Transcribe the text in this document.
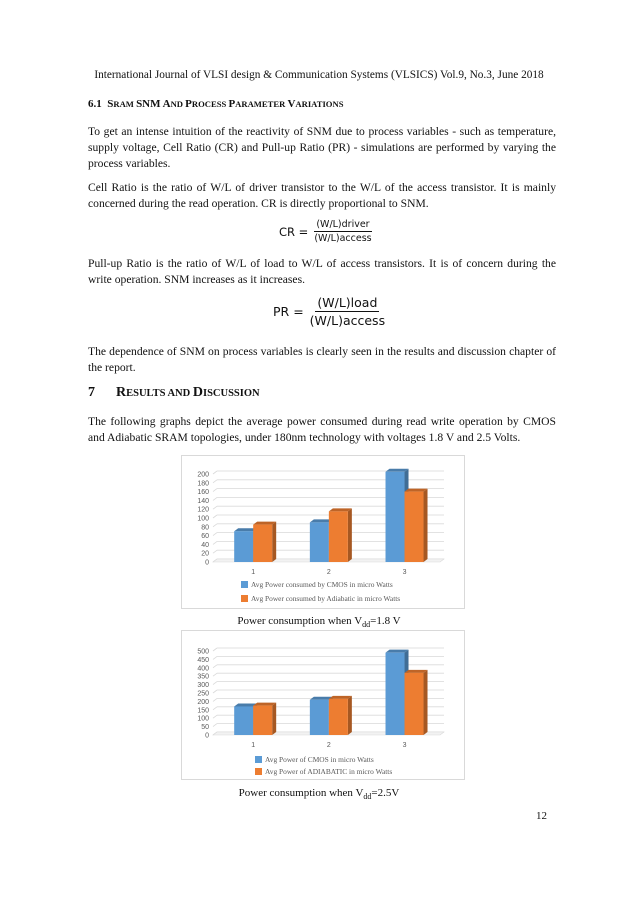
International Journal of VLSI design & Communication Systems (VLSICS) Vol.9, No.3, June 2018
6.1 SRAM SNM AND PROCESS PARAMETER VARIATIONS

To get an intense intuition of the reactivity of SNM due to process variables - such as temperature, supply voltage, Cell Ratio (CR) and Pull-up Ratio (PR) - simulations are performed by varying the process variables.

Cell Ratio is the ratio of W/L of driver transistor to the W/L of the access transistor. It is mainly concerned during the read operation. CR is directly proportional to SNM.

CR = $\frac{\text{(W/L)driver}}{\text{(W/L)access}}$

Pull-up Ratio is the ratio of W/L of load to W/L of access transistors. It is of concern during the write operation. SNM increases as it increases.

PR = $\frac{\text{(W/L)load}}{\text{(W/L)access}}$

The dependence of SNM on process variables is clearly seen in the results and discussion chapter of the report.

7 RESULTS AND DISCUSSION

The following graphs depict the average power consumed during read write operation by CMOS and Adiabatic SRAM topologies, under 180nm technology with voltages 1.8 V and 2.5 Volts.

0
20
40
60
80
100
120
140
160
180
200
1	2	3
Avg Power consumed by CMOS in micro Watts
Avg Power consumed by Adiabatic in micro Watts
Power consumption when $V_{dd}=1.8$ V
0
50
100
150
200
250
300
350
400
450
500
1	2	3
Avg Power of CMOS in micro Watts
Avg Power of ADIABATIC in micro Watts
Power consumption when $V_{dd}=2.5V$
12
